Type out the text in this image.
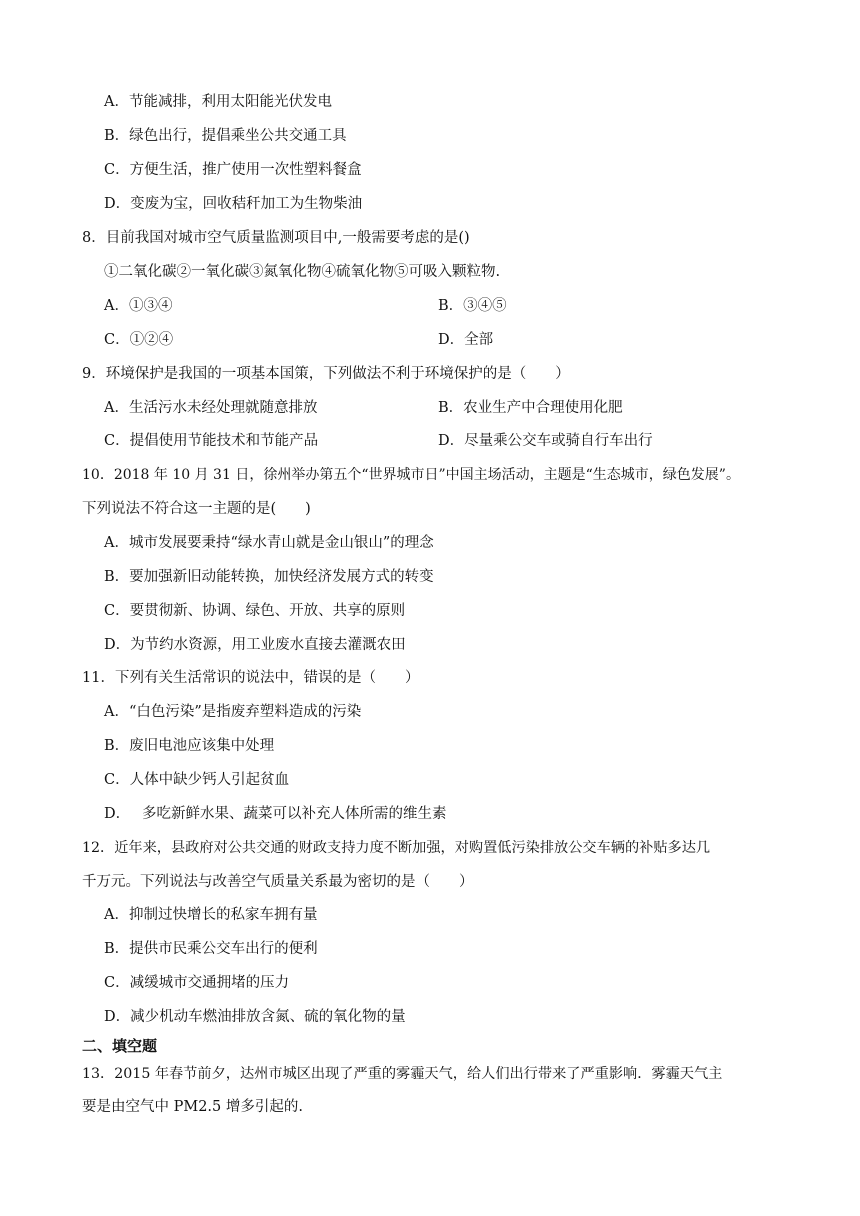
A．节能减排，利用太阳能光伏发电
B．绿色出行，提倡乘坐公共交通工具
C．方便生活，推广使用一次性塑料餐盒
D．变废为宝，回收秸秆加工为生物柴油
8．目前我国对城市空气质量监测项目中,一般需要考虑的是()
①二氧化碳②一氧化碳③氮氧化物④硫氧化物⑤可吸入颗粒物.
A．①③④	B．③④⑤
C．①②④	D．全部
9．环境保护是我国的一项基本国策，下列做法不利于环境保护的是（　　）
A．生活污水未经处理就随意排放	B．农业生产中合理使用化肥
C．提倡使用节能技术和节能产品	D．尽量乘公交车或骑自行车出行
10．2018 年 10 月 31 日，徐州举办第五个“世界城市日”中国主场活动，主题是“生态城市，绿色发展”。
下列说法不符合这一主题的是(　　)
A．城市发展要秉持“绿水青山就是金山银山”的理念
B．要加强新旧动能转换，加快经济发展方式的转变
C．要贯彻新、协调、绿色、开放、共享的原则
D．为节约水资源，用工业废水直接去灌溉农田
11．下列有关生活常识的说法中，错误的是（　　）
A．“白色污染”是指废弃塑料造成的污染
B．废旧电池应该集中处理
C．人体中缺少钙人引起贫血
D．　 多吃新鲜水果、蔬菜可以补充人体所需的维生素
12．近年来，县政府对公共交通的财政支持力度不断加强，对购置低污染排放公交车辆的补贴多达几
千万元。下列说法与改善空气质量关系最为密切的是（　　）
A．抑制过快增长的私家车拥有量
B．提供市民乘公交车出行的便利
C．减缓城市交通拥堵的压力
D．减少机动车燃油排放含氮、硫的氧化物的量
二、填空题
13．2015 年春节前夕，达州市城区出现了严重的雾霾天气，给人们出行带来了严重影响．雾霾天气主
要是由空气中 PM2.5 增多引起的.
